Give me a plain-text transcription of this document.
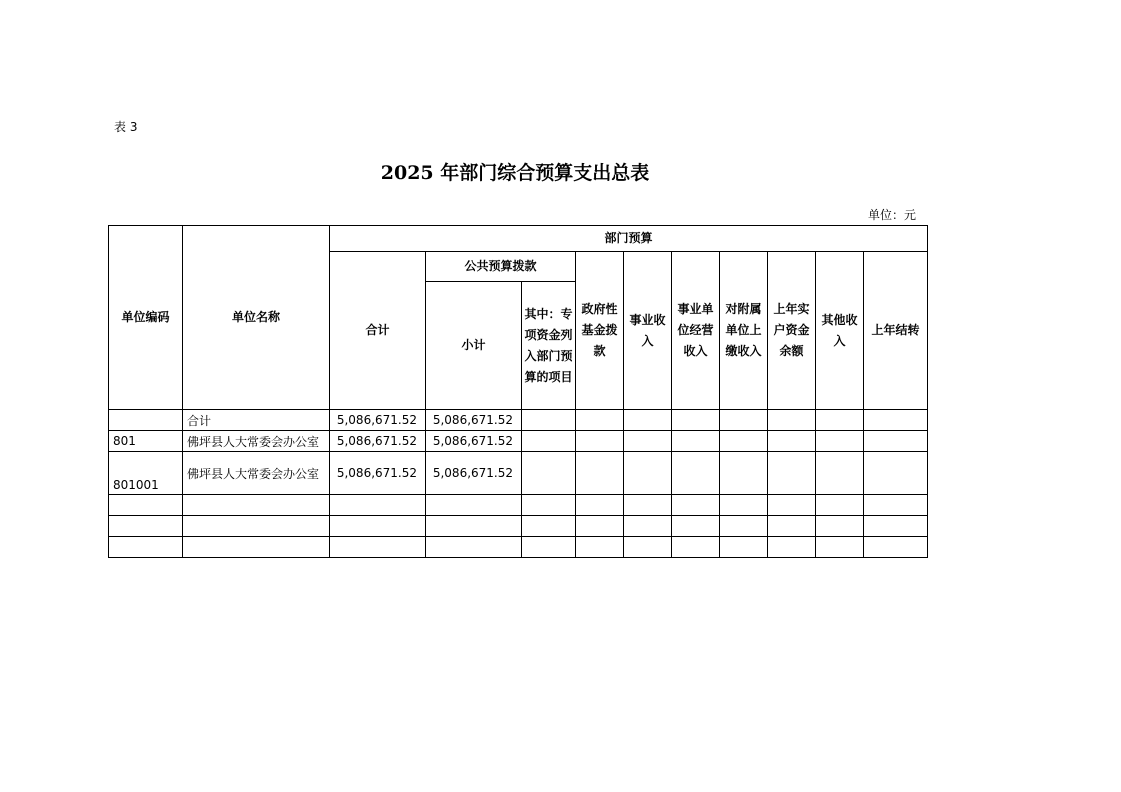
表 3
2025 年部门综合预算支出总表
单位：元
单位编码	单位名称	部门预算									
		合计	公共预算拨款		政府性基金拨款	事业收入	事业单位经营收入	对附属单位上缴收入	上年实户资金余额	其他收入	上年结转
			小计	其中：专项资金列入部门预算的项目							
	合计	5,086,671.52	5,086,671.52								
801	佛坪县人大常委会办公室	5,086,671.52	5,086,671.52								
801001	佛坪县人大常委会办公室	5,086,671.52	5,086,671.52								
